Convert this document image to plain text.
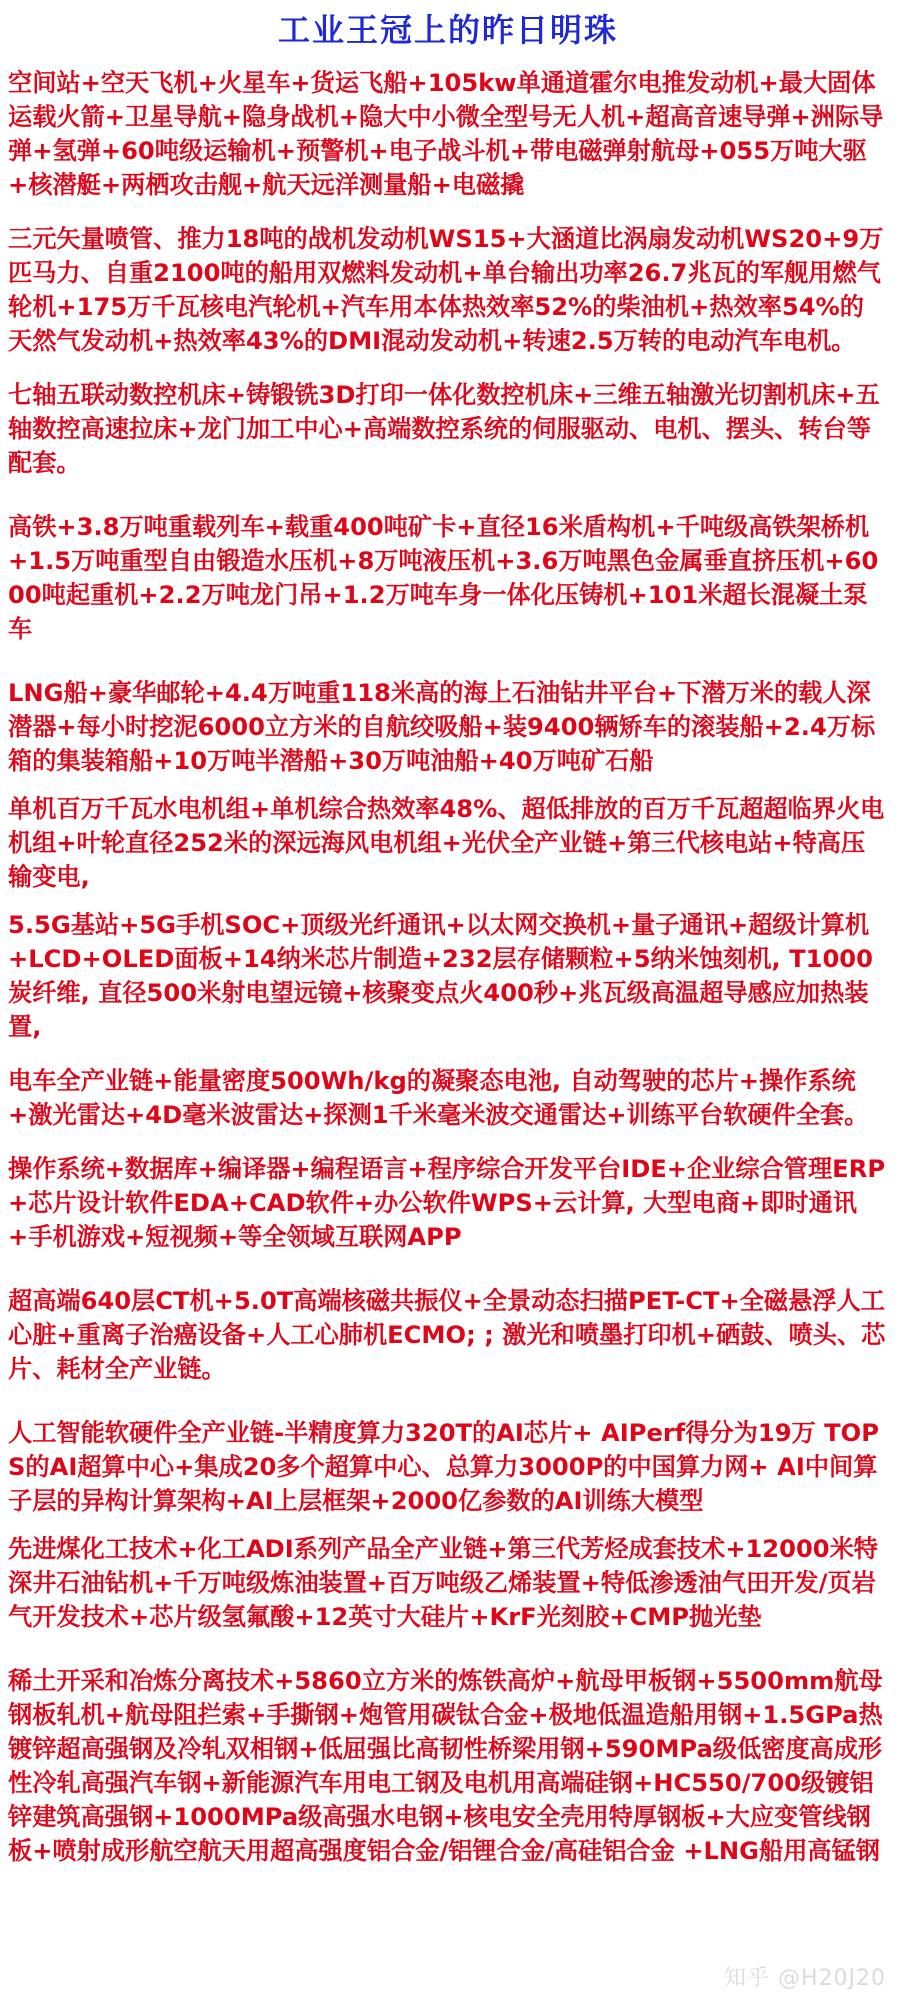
工业王冠上的昨日明珠

空间站+空天飞机+火星车+货运飞船+105kw单通道霍尔电推发动机+最大固体运载火箭+卫星导航+隐身战机+隐大中小微全型号无人机+超高音速导弹+洲际导弹+氢弹+60吨级运输机+预警机+电子战斗机+带电磁弹射航母+055万吨大驱+核潜艇+两栖攻击舰+航天远洋测量船+电磁撬

三元矢量喷管、推力18吨的战机发动机WS15+大涵道比涡扇发动机WS20+9万匹马力、自重2100吨的船用双燃料发动机+单台输出功率26.7兆瓦的军舰用燃气轮机+175万千瓦核电汽轮机+汽车用本体热效率52%的柴油机+热效率54%的天然气发动机+热效率43%的DMI混动发动机+转速2.5万转的电动汽车电机。

七轴五联动数控机床+铸锻铣3D打印一体化数控机床+三维五轴激光切割机床+五轴数控高速拉床+龙门加工中心+高端数控系统的伺服驱动、电机、摆头、转台等配套。

高铁+3.8万吨重载列车+载重400吨矿卡+直径16米盾构机+千吨级高铁架桥机+1.5万吨重型自由锻造水压机+8万吨液压机+3.6万吨黑色金属垂直挤压机+6000吨起重机+2.2万吨龙门吊+1.2万吨车身一体化压铸机+101米超长混凝土泵车

LNG船+豪华邮轮+4.4万吨重118米高的海上石油钻井平台+下潜万米的载人深潜器+每小时挖泥6000立方米的自航绞吸船+装9400辆矫车的滚装船+2.4万标箱的集装箱船+10万吨半潜船+30万吨油船+40万吨矿石船

单机百万千瓦水电机组+单机综合热效率48%、超低排放的百万千瓦超超临界火电机组+叶轮直径252米的深远海风电机组+光伏全产业链+第三代核电站+特高压输变电,

5.5G基站+5G手机SOC+顶级光纤通讯+以太网交换机+量子通讯+超级计算机+LCD+OLED面板+14纳米芯片制造+232层存储颗粒+5纳米蚀刻机, T1000炭纤维, 直径500米射电望远镜+核聚变点火400秒+兆瓦级高温超导感应加热装置,

电车全产业链+能量密度500Wh/kg的凝聚态电池, 自动驾驶的芯片+操作系统+激光雷达+4D毫米波雷达+探测1千米毫米波交通雷达+训练平台软硬件全套。

操作系统+数据库+编译器+编程语言+程序综合开发平台IDE+企业综合管理ERP+芯片设计软件EDA+CAD软件+办公软件WPS+云计算, 大型电商+即时通讯+手机游戏+短视频+等全领域互联网APP

超高端640层CT机+5.0T高端核磁共振仪+全景动态扫描PET-CT+全磁悬浮人工心脏+重离子治癌设备+人工心肺机ECMO; ; 激光和喷墨打印机+硒鼓、喷头、芯片、耗材全产业链。

人工智能软硬件全产业链-半精度算力320T的AI芯片+ AIPerf得分为19万 TOPS的AI超算中心+集成20多个超算中心、总算力3000P的中国算力网+ AI中间算子层的异构计算架构+AI上层框架+2000亿参数的AI训练大模型

先进煤化工技术+化工ADI系列产品全产业链+第三代芳烃成套技术+12000米特深井石油钻机+千万吨级炼油装置+百万吨级乙烯装置+特低渗透油气田开发/页岩气开发技术+芯片级氢氟酸+12英寸大硅片+KrF光刻胶+CMP抛光垫

稀土开采和冶炼分离技术+5860立方米的炼铁高炉+航母甲板钢+5500mm航母钢板轧机+航母阻拦索+手撕钢+炮管用碳钛合金+极地低温造船用钢+1.5GPa热镀锌超高强钢及冷轧双相钢+低屈强比高韧性桥梁用钢+590MPa级低密度高成形性冷轧高强汽车钢+新能源汽车用电工钢及电机用高端硅钢+HC550/700级镀铝锌建筑高强钢+1000MPa级高强水电钢+核电安全壳用特厚钢板+大应变管线钢板+喷射成形航空航天用超高强度铝合金/铝锂合金/高硅铝合金 +LNG船用高锰钢

知乎 @H20J20
